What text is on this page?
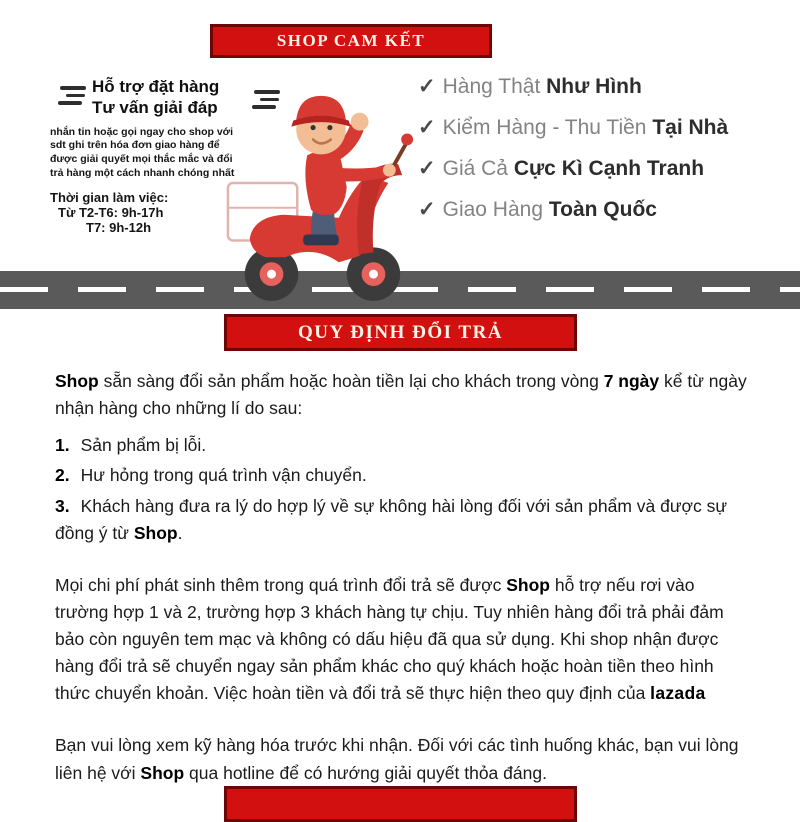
SHOP CAM KẾT
Hỗ trợ đặt hàng
Tư vấn giải đáp

nhắn tin hoặc gọi ngay cho shop với sdt ghi trên hóa đơn giao hàng để được giải quyết mọi thắc mắc và đổi trả hàng một cách nhanh chóng nhất

Thời gian làm việc:
Từ T2-T6: 9h-17h
T7: 9h-12h
✓ Hàng Thật Như Hình
✓ Kiểm Hàng - Thu Tiền Tại Nhà
✓ Giá Cả Cực Kì Cạnh Tranh
✓ Giao Hàng Toàn Quốc
QUY ĐỊNH ĐỔI TRẢ

Shop sẵn sàng đổi sản phẩm hoặc hoàn tiền lại cho khách trong vòng 7 ngày kể từ ngày nhận hàng cho những lí do sau:

1. Sản phẩm bị lỗi.

2. Hư hỏng trong quá trình vận chuyển.

3. Khách hàng đưa ra lý do hợp lý về sự không hài lòng đối với sản phẩm và được sự đồng ý từ Shop.

Mọi chi phí phát sinh thêm trong quá trình đổi trả sẽ được Shop hỗ trợ nếu rơi vào trường hợp 1 và 2, trường hợp 3 khách hàng tự chịu. Tuy nhiên hàng đổi trả phải đảm bảo còn nguyên tem mạc và không có dấu hiệu đã qua sử dụng. Khi shop nhận được hàng đổi trả sẽ chuyển ngay sản phẩm khác cho quý khách hoặc hoàn tiền theo hình thức chuyển khoản. Việc hoàn tiền và đổi trả sẽ thực hiện theo quy định của lazada

Bạn vui lòng xem kỹ hàng hóa trước khi nhận. Đối với các tình huống khác, bạn vui lòng liên hệ với Shop qua hotline để có hướng giải quyết thỏa đáng.
